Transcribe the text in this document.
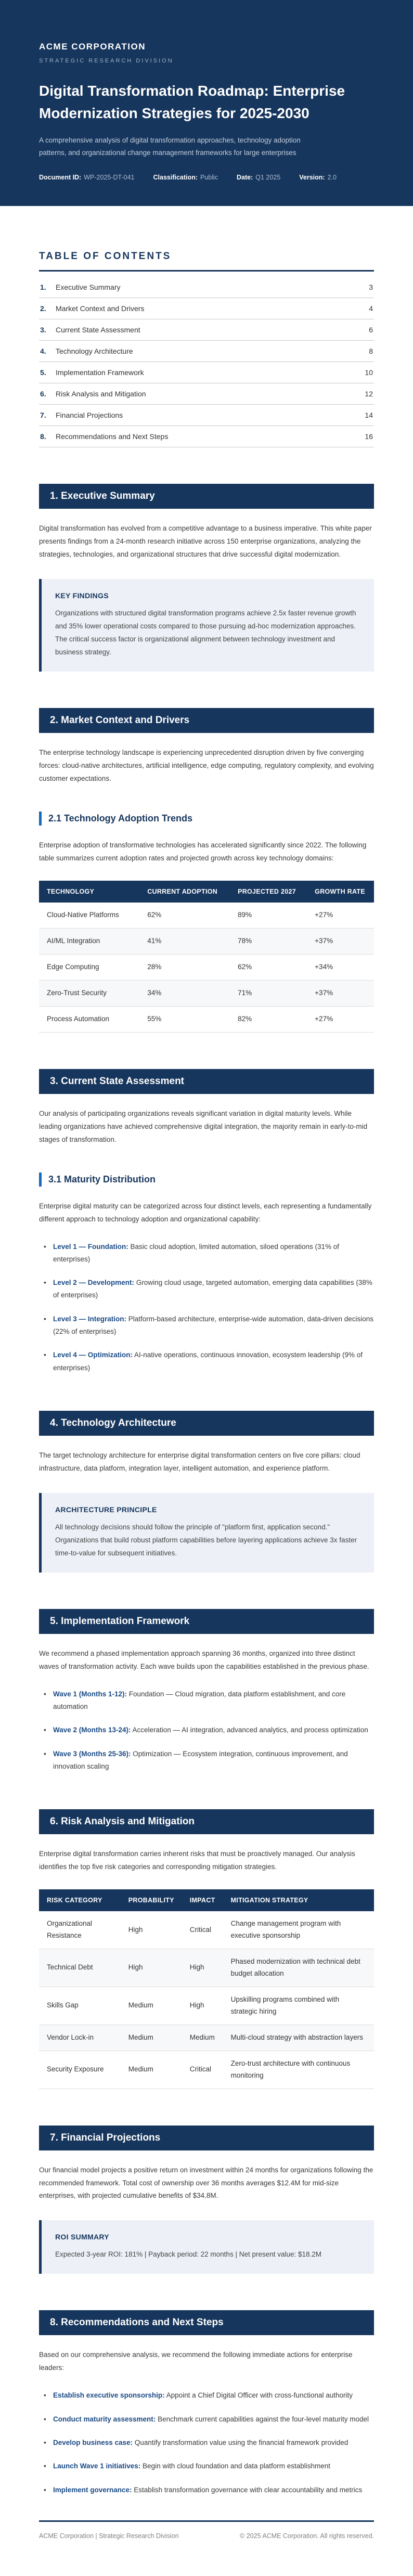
ACME CORPORATION
STRATEGIC RESEARCH DIVISION
Digital Transformation Roadmap: Enterprise Modernization Strategies for 2025-2030
A comprehensive analysis of digital transformation approaches, technology adoption patterns, and organizational change management frameworks for large enterprises
Document ID: WP-2025-DT-041	Classification: Public	Date: Q1 2025	Version: 2.0
TABLE OF CONTENTS
1.	Executive Summary	3
2.	Market Context and Drivers	4
3.	Current State Assessment	6
4.	Technology Architecture	8
5.	Implementation Framework	10
6.	Risk Analysis and Mitigation	12
7.	Financial Projections	14
8.	Recommendations and Next Steps	16
1. Executive Summary

Digital transformation has evolved from a competitive advantage to a business imperative. This white paper presents findings from a 24-month research initiative across 150 enterprise organizations, analyzing the strategies, technologies, and organizational structures that drive successful digital modernization.

KEY FINDINGS
Organizations with structured digital transformation programs achieve 2.5x faster revenue growth and 35% lower operational costs compared to those pursuing ad-hoc modernization approaches. The critical success factor is organizational alignment between technology investment and business strategy.
2. Market Context and Drivers

The enterprise technology landscape is experiencing unprecedented disruption driven by five converging forces: cloud-native architectures, artificial intelligence, edge computing, regulatory complexity, and evolving customer expectations.

2.1 Technology Adoption Trends

Enterprise adoption of transformative technologies has accelerated significantly since 2022. The following table summarizes current adoption rates and projected growth across key technology domains:

TECHNOLOGY	CURRENT ADOPTION	PROJECTED 2027	GROWTH RATE
Cloud-Native Platforms	62%	89%	+27%
AI/ML Integration	41%	78%	+37%
Edge Computing	28%	62%	+34%
Zero-Trust Security	34%	71%	+37%
Process Automation	55%	82%	+27%
3. Current State Assessment

Our analysis of participating organizations reveals significant variation in digital maturity levels. While leading organizations have achieved comprehensive digital integration, the majority remain in early-to-mid stages of transformation.

3.1 Maturity Distribution

Enterprise digital maturity can be categorized across four distinct levels, each representing a fundamentally different approach to technology adoption and organizational capability:

• Level 1 — Foundation: Basic cloud adoption, limited automation, siloed operations (31% of enterprises)
• Level 2 — Development: Growing cloud usage, targeted automation, emerging data capabilities (38% of enterprises)
• Level 3 — Integration: Platform-based architecture, enterprise-wide automation, data-driven decisions (22% of enterprises)
• Level 4 — Optimization: AI-native operations, continuous innovation, ecosystem leadership (9% of enterprises)
4. Technology Architecture

The target technology architecture for enterprise digital transformation centers on five core pillars: cloud infrastructure, data platform, integration layer, intelligent automation, and experience platform.

ARCHITECTURE PRINCIPLE
All technology decisions should follow the principle of "platform first, application second." Organizations that build robust platform capabilities before layering applications achieve 3x faster time-to-value for subsequent initiatives.
5. Implementation Framework

We recommend a phased implementation approach spanning 36 months, organized into three distinct waves of transformation activity. Each wave builds upon the capabilities established in the previous phase.

• Wave 1 (Months 1-12): Foundation — Cloud migration, data platform establishment, and core automation
• Wave 2 (Months 13-24): Acceleration — AI integration, advanced analytics, and process optimization
• Wave 3 (Months 25-36): Optimization — Ecosystem integration, continuous improvement, and innovation scaling
6. Risk Analysis and Mitigation

Enterprise digital transformation carries inherent risks that must be proactively managed. Our analysis identifies the top five risk categories and corresponding mitigation strategies.

RISK CATEGORY	PROBABILITY	IMPACT	MITIGATION STRATEGY
Organizational Resistance	High	Critical	Change management program with executive sponsorship
Technical Debt	High	High	Phased modernization with technical debt budget allocation
Skills Gap	Medium	High	Upskilling programs combined with strategic hiring
Vendor Lock-in	Medium	Medium	Multi-cloud strategy with abstraction layers
Security Exposure	Medium	Critical	Zero-trust architecture with continuous monitoring
7. Financial Projections

Our financial model projects a positive return on investment within 24 months for organizations following the recommended framework. Total cost of ownership over 36 months averages $12.4M for mid-size enterprises, with projected cumulative benefits of $34.8M.

ROI SUMMARY
Expected 3-year ROI: 181% | Payback period: 22 months | Net present value: $18.2M
8. Recommendations and Next Steps

Based on our comprehensive analysis, we recommend the following immediate actions for enterprise leaders:

• Establish executive sponsorship: Appoint a Chief Digital Officer with cross-functional authority
• Conduct maturity assessment: Benchmark current capabilities against the four-level maturity model
• Develop business case: Quantify transformation value using the financial framework provided
• Launch Wave 1 initiatives: Begin with cloud foundation and data platform establishment
• Implement governance: Establish transformation governance with clear accountability and metrics
ACME Corporation | Strategic Research Division	© 2025 ACME Corporation. All rights reserved.
